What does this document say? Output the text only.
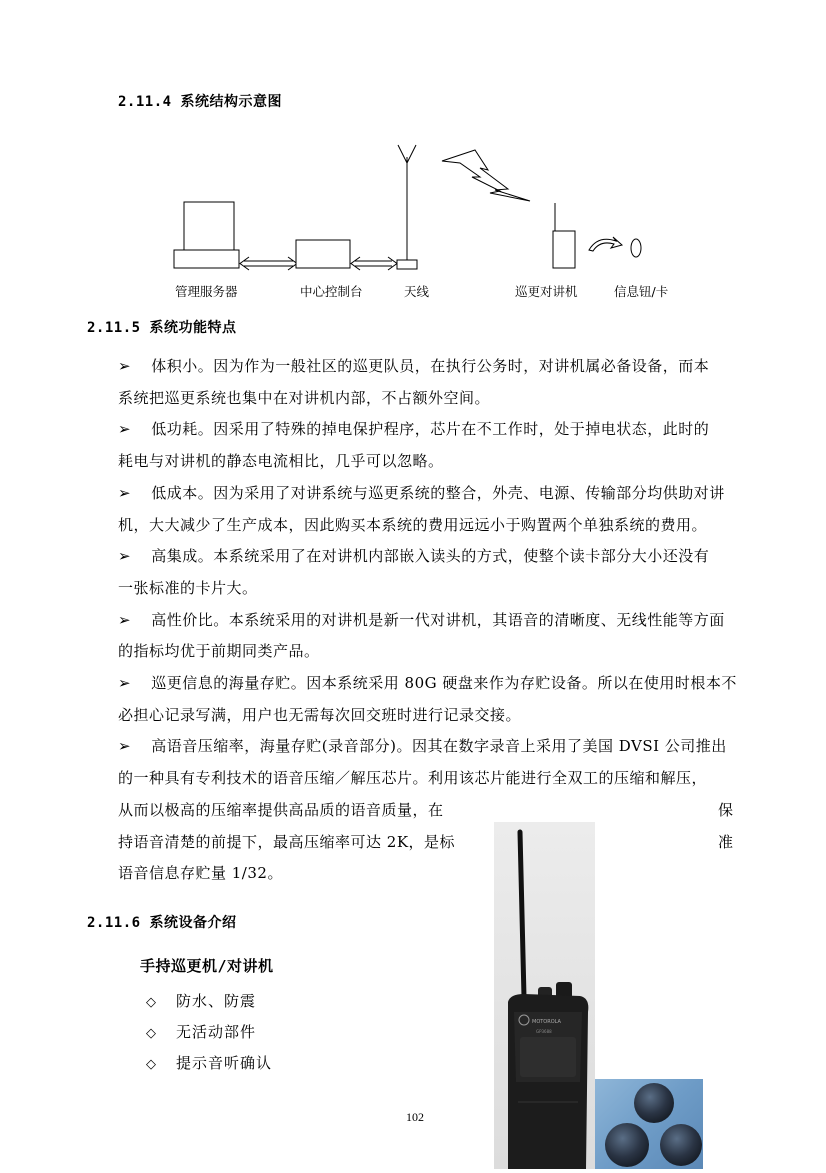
2.11.4 系统结构示意图
管理服务器	中心控制台	天线	巡更对讲机	信息钮/卡
2.11.5 系统功能特点

➢ 体积小。因为作为一般社区的巡更队员，在执行公务时，对讲机属必备设备，而本

系统把巡更系统也集中在对讲机内部，不占额外空间。

➢ 低功耗。因采用了特殊的掉电保护程序，芯片在不工作时，处于掉电状态，此时的

耗电与对讲机的静态电流相比，几乎可以忽略。

➢ 低成本。因为采用了对讲系统与巡更系统的整合，外壳、电源、传输部分均供助对讲

机，大大减少了生产成本，因此购买本系统的费用远远小于购置两个单独系统的费用。

➢ 高集成。本系统采用了在对讲机内部嵌入读头的方式，使整个读卡部分大小还没有

一张标准的卡片大。

➢ 高性价比。本系统采用的对讲机是新一代对讲机，其语音的清晰度、无线性能等方面

的指标均优于前期同类产品。

➢ 巡更信息的海量存贮。因本系统采用 80G 硬盘来作为存贮设备。所以在使用时根本不

必担心记录写满，用户也无需每次回交班时进行记录交接。

➢ 高语音压缩率，海量存贮(录音部分)。因其在数字录音上采用了美国 DVSI 公司推出

的一种具有专利技术的语音压缩／解压芯片。利用该芯片能进行全双工的压缩和解压，

从而以极高的压缩率提供高品质的语音质量，在	保

持语音清楚的前提下，最高压缩率可达 2K，是标	准

语音信息存贮量 1/32。

2.11.6 系统设备介绍
手持巡更机/对讲机
◇ 防水、防震
◇ 无活动部件
◇ 提示音听确认
MOTOROLA
GP3688
102
